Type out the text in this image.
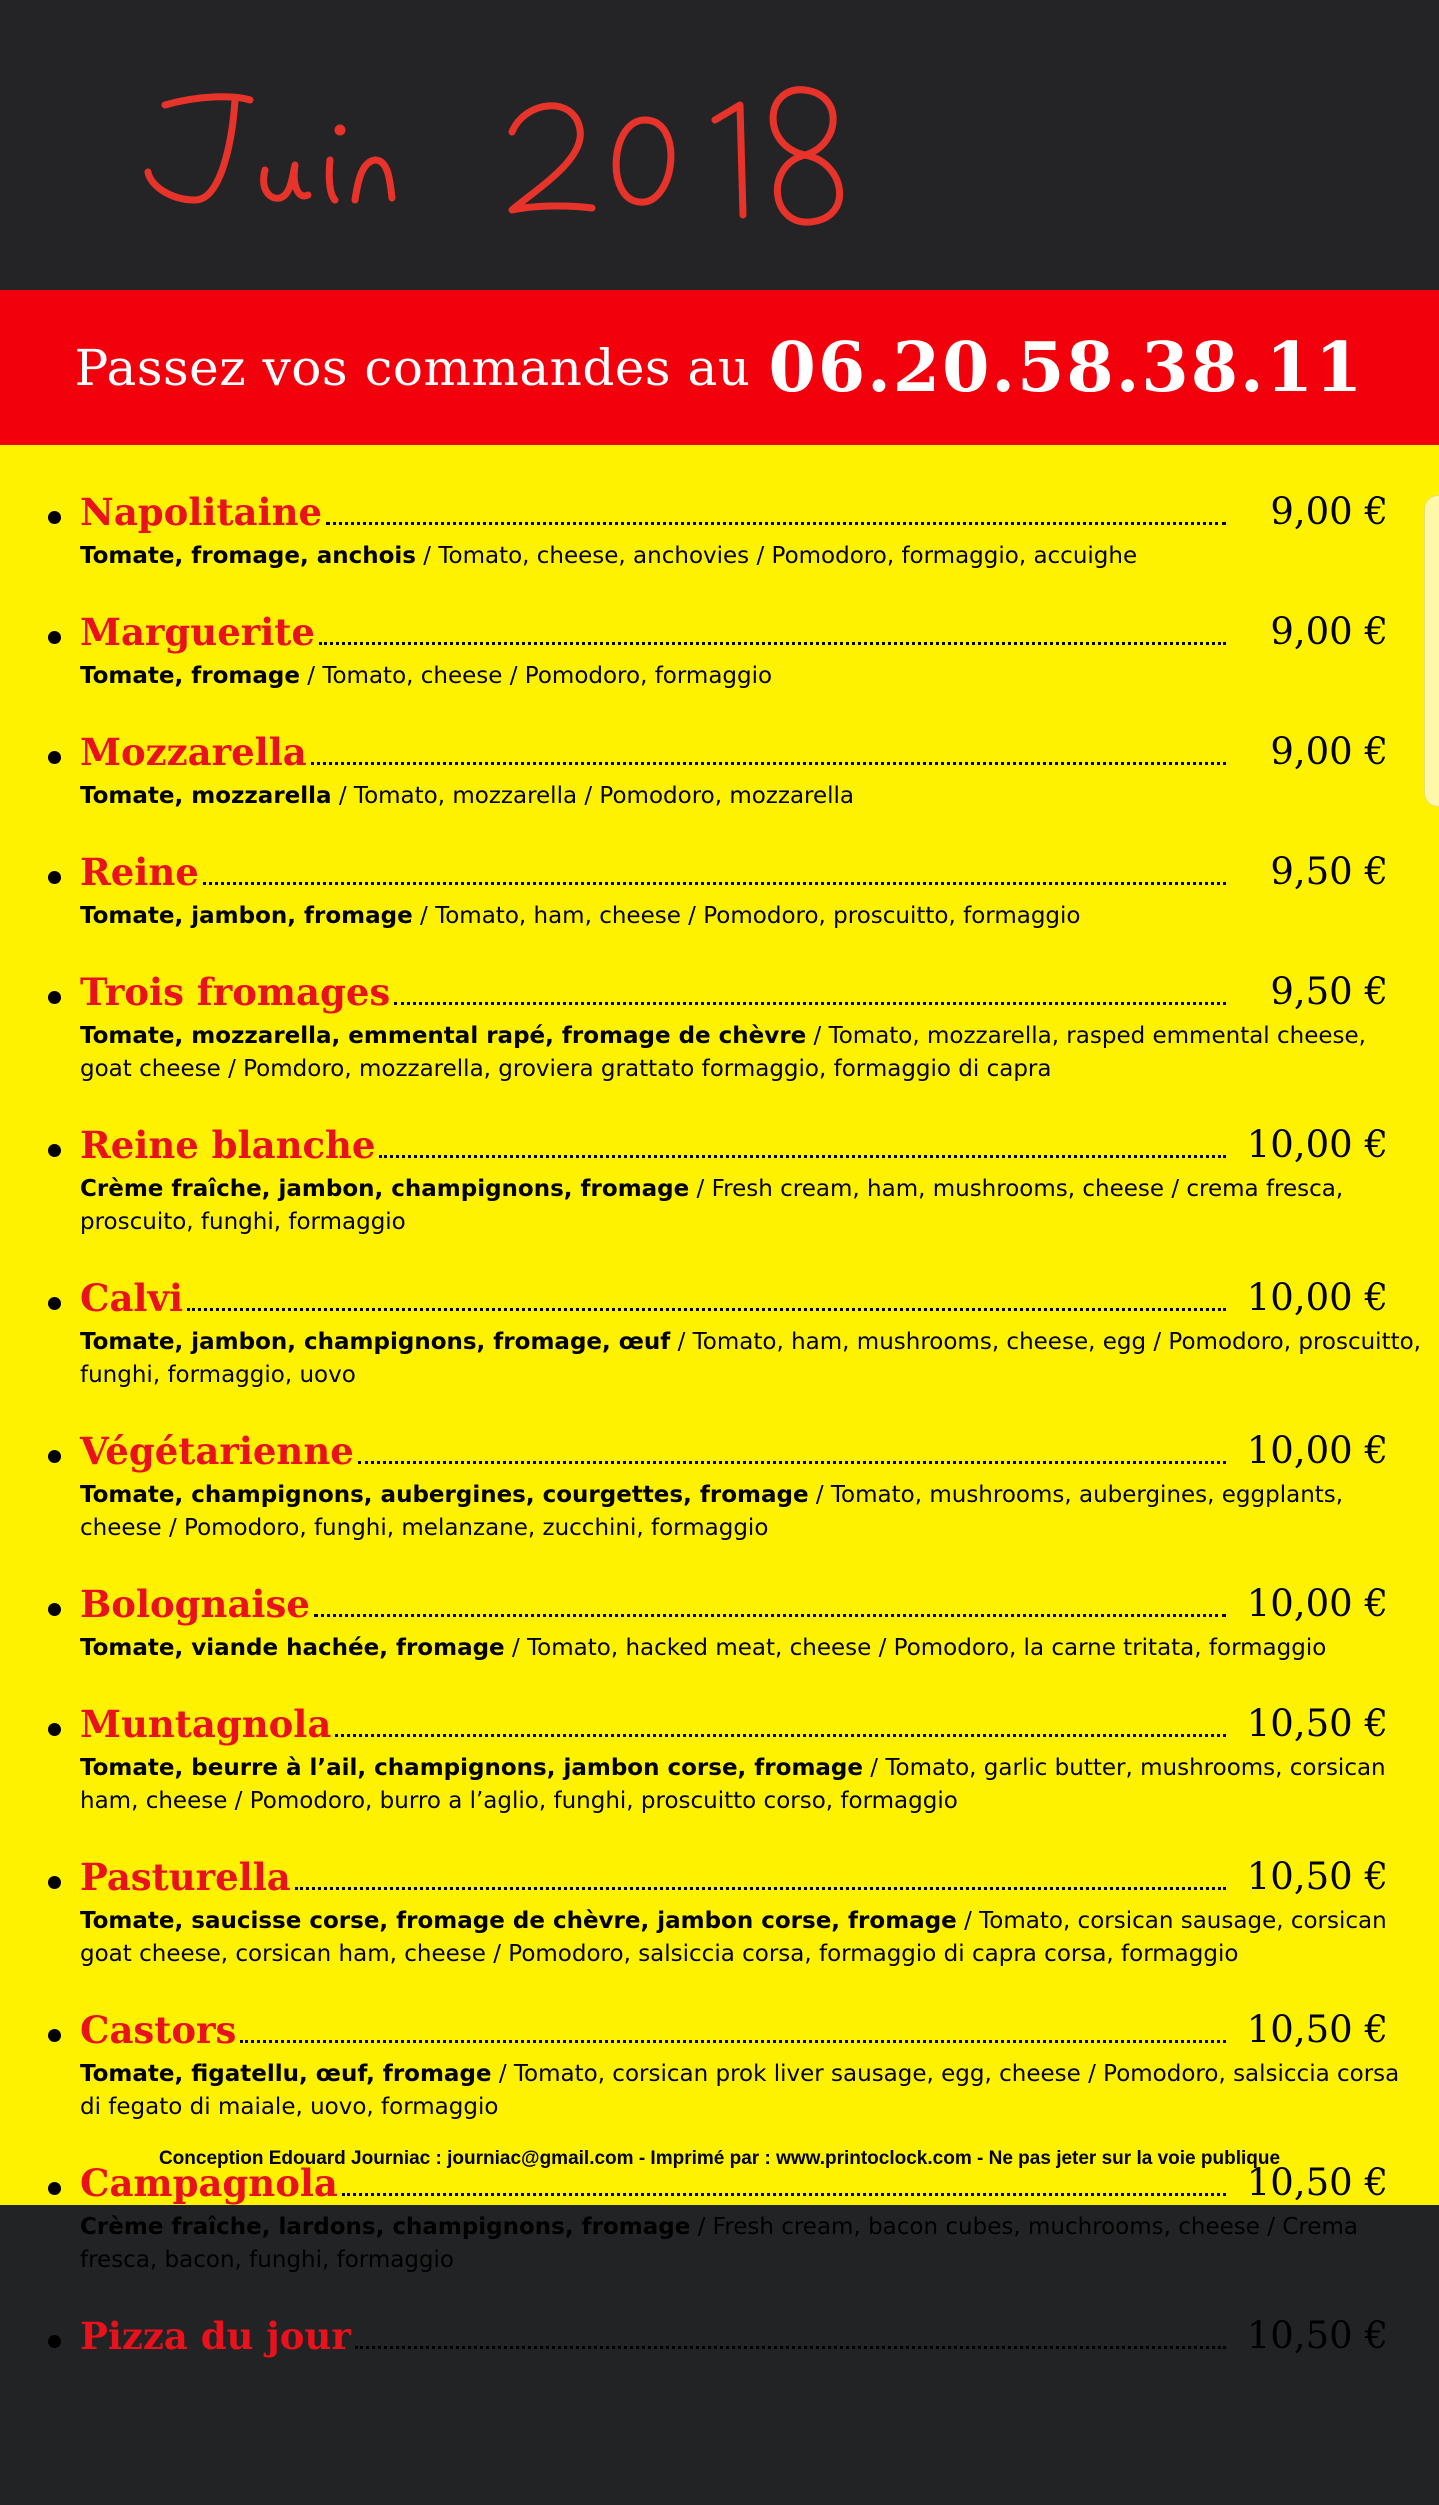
Passez vos commandes au 06.20.58.38.11
Napolitaine	9,00 €
Tomate, fromage, anchois / Tomato, cheese, anchovies / Pomodoro, formaggio, accuighe
Marguerite	9,00 €
Tomate, fromage / Tomato, cheese / Pomodoro, formaggio
Mozzarella	9,00 €
Tomate, mozzarella / Tomato, mozzarella / Pomodoro, mozzarella
Reine	9,50 €
Tomate, jambon, fromage / Tomato, ham, cheese / Pomodoro, proscuitto, formaggio
Trois fromages	9,50 €
Tomate, mozzarella, emmental rapé, fromage de chèvre / Tomato, mozzarella, rasped emmental cheese, goat cheese / Pomdoro, mozzarella, groviera grattato formaggio, formaggio di capra
Reine blanche	10,00 €
Crème fraîche, jambon, champignons, fromage / Fresh cream, ham, mushrooms, cheese / crema fresca, proscuito, funghi, formaggio
Calvi	10,00 €
Tomate, jambon, champignons, fromage, œuf / Tomato, ham, mushrooms, cheese, egg / Pomodoro, proscuitto, funghi, formaggio, uovo
Végétarienne	10,00 €
Tomate, champignons, aubergines, courgettes, fromage / Tomato, mushrooms, aubergines, eggplants, cheese / Pomodoro, funghi, melanzane, zucchini, formaggio
Bolognaise	10,00 €
Tomate, viande hachée, fromage / Tomato, hacked meat, cheese / Pomodoro, la carne tritata, formaggio
Muntagnola	10,50 €
Tomate, beurre à l’ail, champignons, jambon corse, fromage / Tomato, garlic butter, mushrooms, corsican ham, cheese / Pomodoro, burro a l’aglio, funghi, proscuitto corso, formaggio
Pasturella	10,50 €
Tomate, saucisse corse, fromage de chèvre, jambon corse, fromage / Tomato, corsican sausage, corsican goat cheese, corsican ham, cheese / Pomodoro, salsiccia corsa, formaggio di capra corsa, formaggio
Castors	10,50 €
Tomate, figatellu, œuf, fromage / Tomato, corsican prok liver sausage, egg, cheese / Pomodoro, salsiccia corsa di fegato di maiale, uovo, formaggio
Campagnola	10,50 €
Crème fraîche, lardons, champignons, fromage / Fresh cream, bacon cubes, muchrooms, cheese / Crema fresca, bacon, funghi, formaggio
Pizza du jour	10,50 €
Conception Edouard Journiac : journiac@gmail.com - Imprimé par : www.printoclock.com - Ne pas jeter sur la voie publique
